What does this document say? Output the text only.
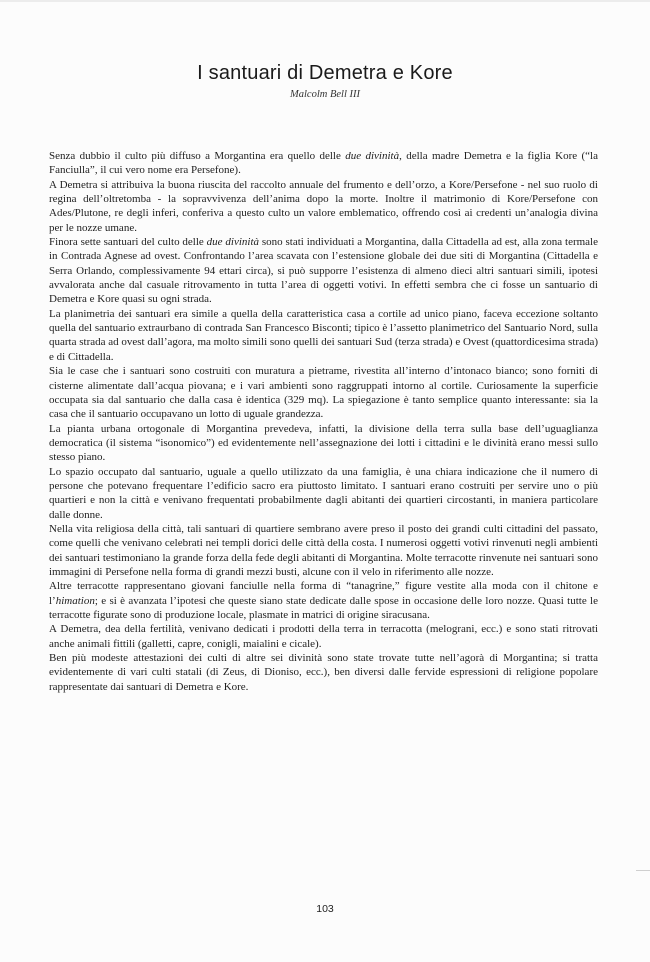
I santuari di Demetra e Kore
Malcolm Bell III

Senza dubbio il culto più diffuso a Morgantina era quello delle due divinità, della madre Demetra e la figlia Kore (“la Fanciulla”, il cui vero nome era Persefone).

A Demetra si attribuiva la buona riuscita del raccolto annuale del frumento e dell’orzo, a Kore/Persefone - nel suo ruolo di regina dell’oltretomba - la sopravvivenza dell’anima dopo la morte. Inoltre il matrimonio di Kore/Persefone con Ades/Plutone, re degli inferi, conferiva a questo culto un valore emblematico, offrendo così ai credenti un’analogia divina per le nozze umane.

Finora sette santuari del culto delle due divinità sono stati individuati a Morgantina, dalla Cittadella ad est, alla zona termale in Contrada Agnese ad ovest. Confrontando l’area scavata con l’estensione globale dei due siti di Morgantina (Cittadella e Serra Orlando, complessivamente 94 ettari circa), si può supporre l’esistenza di almeno dieci altri santuari simili, ipotesi avvalorata anche dal casuale ritrovamento in tutta l’area di oggetti votivi. In effetti sembra che ci fosse un santuario di Demetra e Kore quasi su ogni strada.

La planimetria dei santuari era simile a quella della caratteristica casa a cortile ad unico piano, faceva eccezione soltanto quella del santuario extraurbano di contrada San Francesco Bisconti; tipico è l’assetto planimetrico del Santuario Nord, sulla quarta strada ad ovest dall’agora, ma molto simili sono quelli dei santuari Sud (terza strada) e Ovest (quattordicesima strada) e di Cittadella.

Sia le case che i santuari sono costruiti con muratura a pietrame, rivestita all’interno d’intonaco bianco; sono forniti di cisterne alimentate dall’acqua piovana; e i vari ambienti sono raggruppati intorno al cortile. Curiosamente la superficie occupata sia dal santuario che dalla casa è identica (329 mq). La spiegazione è tanto semplice quanto interessante: sia la casa che il santuario occupavano un lotto di uguale grandezza.

La pianta urbana ortogonale di Morgantina prevedeva, infatti, la divisione della terra sulla base dell’uguaglianza democratica (il sistema “isonomico”) ed evidentemente nell’assegnazione dei lotti i cittadini e le divinità erano messi sullo stesso piano.

Lo spazio occupato dal santuario, uguale a quello utilizzato da una famiglia, è una chiara indicazione che il numero di persone che potevano frequentare l’edificio sacro era piuttosto limitato. I santuari erano costruiti per servire uno o più quartieri e non la città e venivano frequentati probabilmente dagli abitanti dei quartieri circostanti, in maniera particolare dalle donne.

Nella vita religiosa della città, tali santuari di quartiere sembrano avere preso il posto dei grandi culti cittadini del passato, come quelli che venivano celebrati nei templi dorici delle città della costa. I numerosi oggetti votivi rinvenuti negli ambienti dei santuari testimoniano la grande forza della fede degli abitanti di Morgantina. Molte terracotte rinvenute nei santuari sono immagini di Persefone nella forma di grandi mezzi busti, alcune con il velo in riferimento alle nozze.

Altre terracotte rappresentano giovani fanciulle nella forma di “tanagrine,” figure vestite alla moda con il chitone e l’himation; e si è avanzata l’ipotesi che queste siano state dedicate dalle spose in occasione delle loro nozze. Quasi tutte le terracotte figurate sono di produzione locale, plasmate in matrici di origine siracusana.

A Demetra, dea della fertilità, venivano dedicati i prodotti della terra in terracotta (melograni, ecc.) e sono stati ritrovati anche animali fittili (galletti, capre, conigli, maialini e cicale).

Ben più modeste attestazioni dei culti di altre sei divinità sono state trovate tutte nell’agorà di Morgantina; si tratta evidentemente di vari culti statali (di Zeus, di Dioniso, ecc.), ben diversi dalle fervide espressioni di religione popolare rappresentate dai santuari di Demetra e Kore.

103
